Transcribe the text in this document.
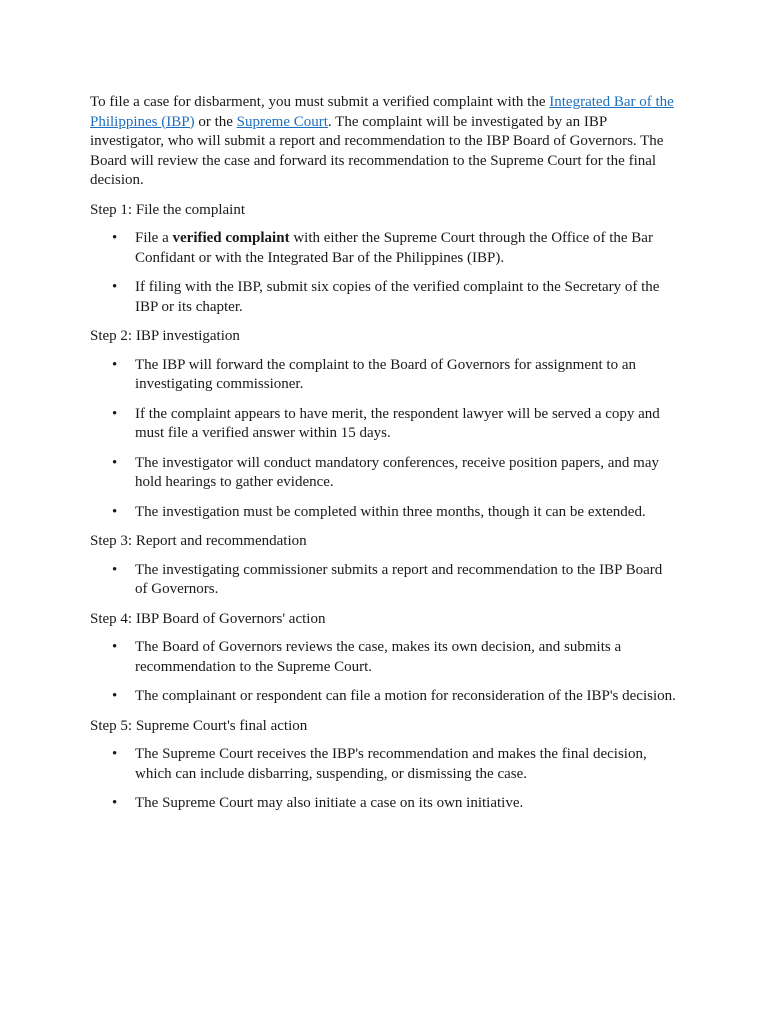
To file a case for disbarment, you must submit a verified complaint with the Integrated Bar of the Philippines (IBP) or the Supreme Court. The complaint will be investigated by an IBP investigator, who will submit a report and recommendation to the IBP Board of Governors. The Board will review the case and forward its recommendation to the Supreme Court for the final decision.

Step 1: File the complaint

• File a verified complaint with either the Supreme Court through the Office of the Bar Confidant or with the Integrated Bar of the Philippines (IBP).
• If filing with the IBP, submit six copies of the verified complaint to the Secretary of the IBP or its chapter.

Step 2: IBP investigation

• The IBP will forward the complaint to the Board of Governors for assignment to an investigating commissioner.
• If the complaint appears to have merit, the respondent lawyer will be served a copy and must file a verified answer within 15 days.
• The investigator will conduct mandatory conferences, receive position papers, and may hold hearings to gather evidence.
• The investigation must be completed within three months, though it can be extended.

Step 3: Report and recommendation

• The investigating commissioner submits a report and recommendation to the IBP Board of Governors.

Step 4: IBP Board of Governors' action

• The Board of Governors reviews the case, makes its own decision, and submits a recommendation to the Supreme Court.
• The complainant or respondent can file a motion for reconsideration of the IBP's decision.

Step 5: Supreme Court's final action

• The Supreme Court receives the IBP's recommendation and makes the final decision, which can include disbarring, suspending, or dismissing the case.
• The Supreme Court may also initiate a case on its own initiative.
